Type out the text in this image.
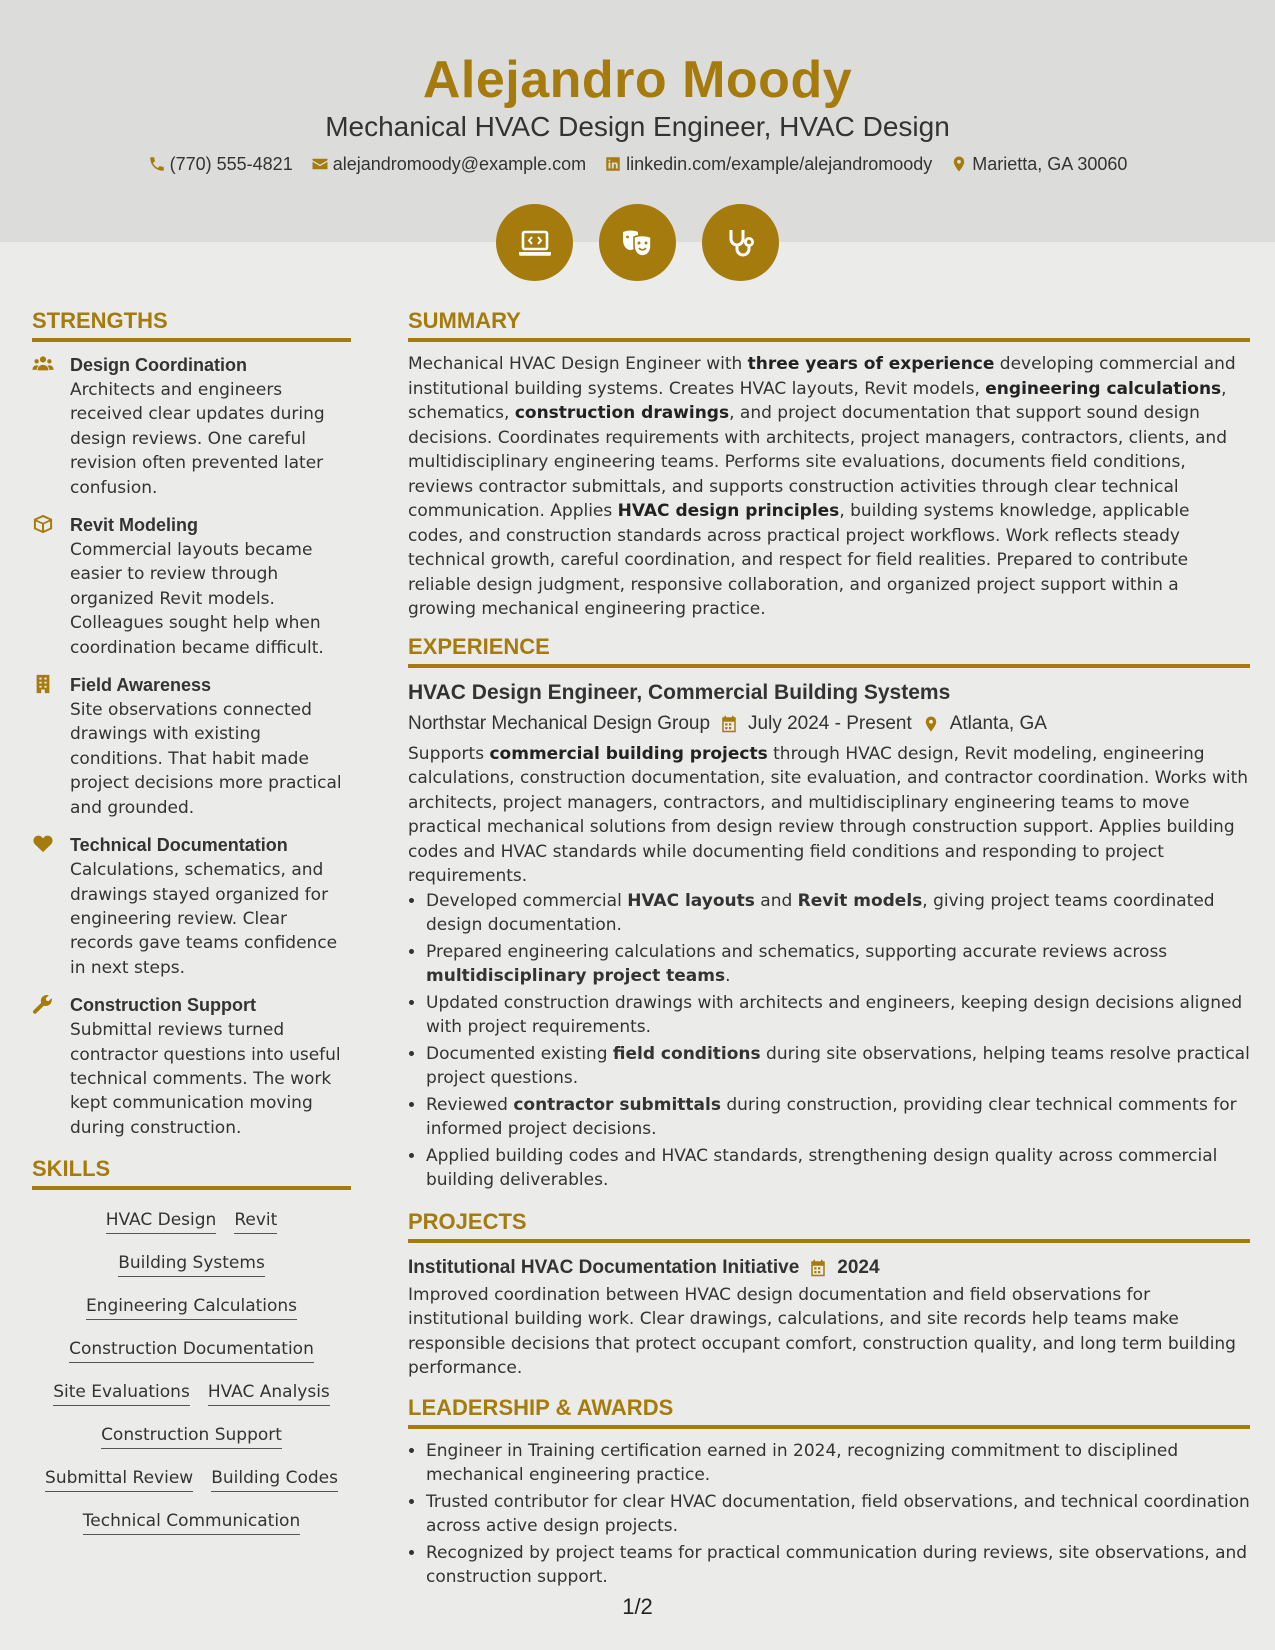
Alejandro Moody
Mechanical HVAC Design Engineer, HVAC Design
(770) 555-4821 alejandromoody@example.com linkedin.com/example/alejandromoody Marietta, GA 30060
STRENGTHS
Design Coordination
Architects and engineers received clear updates during design reviews. One careful revision often prevented later confusion.
Revit Modeling
Commercial layouts became easier to review through organized Revit models. Colleagues sought help when coordination became difficult.
Field Awareness
Site observations connected drawings with existing conditions. That habit made project decisions more practical and grounded.
Technical Documentation
Calculations, schematics, and drawings stayed organized for engineering review. Clear records gave teams confidence in next steps.
Construction Support
Submittal reviews turned contractor questions into useful technical comments. The work kept communication moving during construction.
SKILLS
HVAC Design Revit
Building Systems
Engineering Calculations
Construction Documentation
Site Evaluations HVAC Analysis
Construction Support
Submittal Review Building Codes
Technical Communication
SUMMARY
Mechanical HVAC Design Engineer with three years of experience developing commercial and institutional building systems. Creates HVAC layouts, Revit models, engineering calculations, schematics, construction drawings, and project documentation that support sound design decisions. Coordinates requirements with architects, project managers, contractors, clients, and multidisciplinary engineering teams. Performs site evaluations, documents field conditions, reviews contractor submittals, and supports construction activities through clear technical communication. Applies HVAC design principles, building systems knowledge, applicable codes, and construction standards across practical project workflows. Work reflects steady technical growth, careful coordination, and respect for field realities. Prepared to contribute reliable design judgment, responsive collaboration, and organized project support within a growing mechanical engineering practice.
EXPERIENCE
HVAC Design Engineer, Commercial Building Systems
Northstar Mechanical Design Group July 2024 - Present Atlanta, GA
Supports commercial building projects through HVAC design, Revit modeling, engineering calculations, construction documentation, site evaluation, and contractor coordination. Works with architects, project managers, contractors, and multidisciplinary engineering teams to move practical mechanical solutions from design review through construction support. Applies building codes and HVAC standards while documenting field conditions and responding to project requirements.
• Developed commercial HVAC layouts and Revit models, giving project teams coordinated design documentation.
• Prepared engineering calculations and schematics, supporting accurate reviews across multidisciplinary project teams.
• Updated construction drawings with architects and engineers, keeping design decisions aligned with project requirements.
• Documented existing field conditions during site observations, helping teams resolve practical project questions.
• Reviewed contractor submittals during construction, providing clear technical comments for informed project decisions.
• Applied building codes and HVAC standards, strengthening design quality across commercial building deliverables.
PROJECTS
Institutional HVAC Documentation Initiative 2024
Improved coordination between HVAC design documentation and field observations for institutional building work. Clear drawings, calculations, and site records help teams make responsible decisions that protect occupant comfort, construction quality, and long term building performance.
LEADERSHIP & AWARDS
• Engineer in Training certification earned in 2024, recognizing commitment to disciplined mechanical engineering practice.
• Trusted contributor for clear HVAC documentation, field observations, and technical coordination across active design projects.
• Recognized by project teams for practical communication during reviews, site observations, and construction support.
1/2
